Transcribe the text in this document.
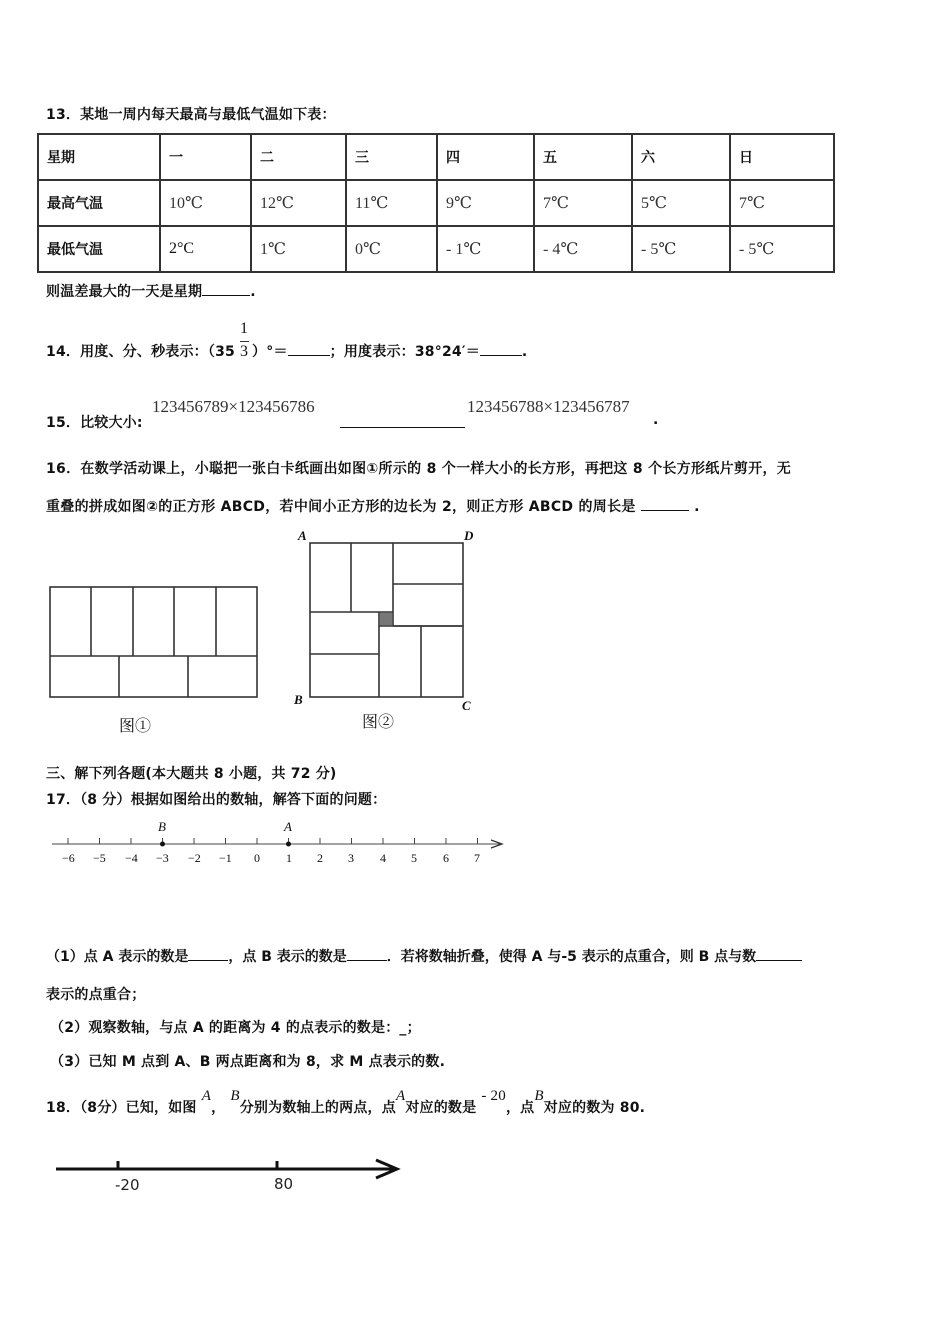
13．某地一周内每天最高与最低气温如下表：
星期	一	二	三	四	五	六	日
最高气温	10℃	12℃	11℃	9℃	7℃	5℃	7℃
最低气温	2°C	1℃	0℃	- 1℃	- 4℃	- 5℃	- 5℃
则温差最大的一天是星期	.
14．用度、分、秒表示：（$35 \frac{1}{3}$ ）°＝	；用度表示：38°24′＝	.
15．比较大小:
123456789×123456786	123456788×123456787
.
16．在数学活动课上，小聪把一张白卡纸画出如图①所示的 8 个一样大小的长方形，再把这 8 个长方形纸片剪开，无
重叠的拼成如图②的正方形 ABCD，若中间小正方形的边长为 2，则正方形 ABCD 的周长是	.
图①
A	D
B	C
图②
三、解下列各题(本大题共 8 小题，共 72 分)
17．（8 分）根据如图给出的数轴，解答下面的问题：
−6 −5 −4 −3 −2 −1 0 1 2 3 4 5 6 7
B	A
（1）点 A 表示的数是	，点 B 表示的数是	．若将数轴折叠，使得 A 与-5 表示的点重合，则 B 点与数
表示的点重合；
（2）观察数轴，与点 A 的距离为 4 的点表示的数是：_；
（3）已知 M 点到 A、B 两点距离和为 8，求 M 点表示的数.
18．（8分）已知，如图 A， B分别为数轴上的两点，点A对应的数是 - 20，点B对应的数为 80.
-20	80
